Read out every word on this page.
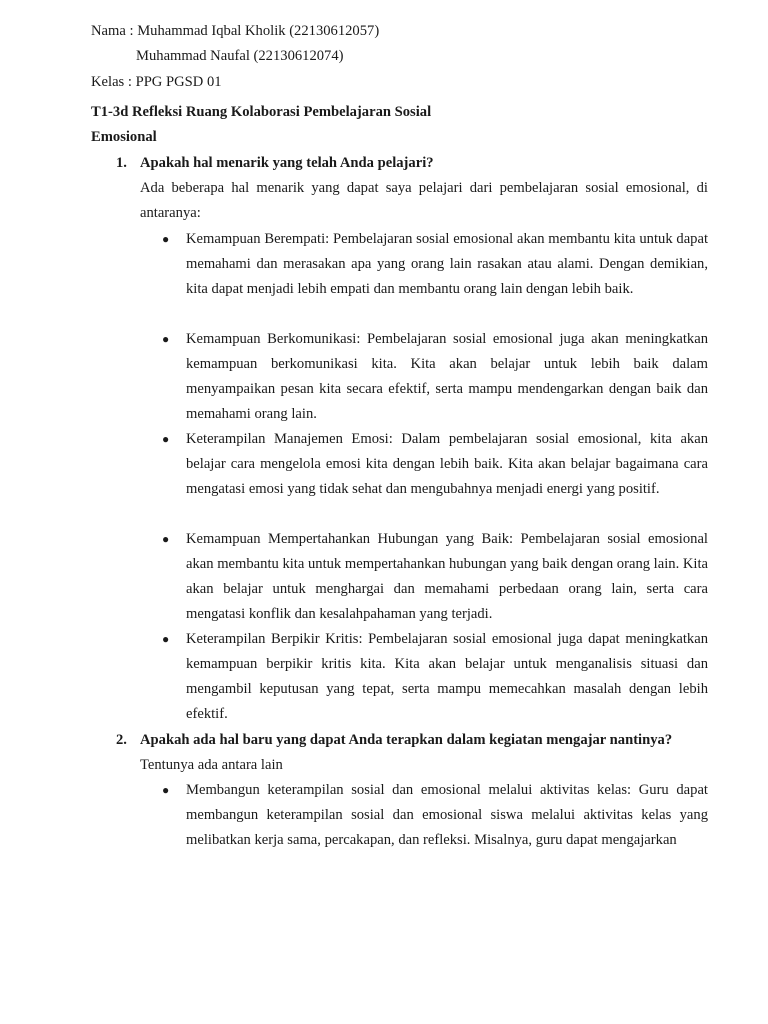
Nama : Muhammad Iqbal Kholik (22130612057)
Muhammad Naufal (22130612074)
Kelas : PPG PGSD 01
T1-3d Refleksi Ruang Kolaborasi Pembelajaran Sosial
Emosional
1. Apakah hal menarik yang telah Anda pelajari?
Ada beberapa hal menarik yang dapat saya pelajari dari pembelajaran sosial emosional, di antaranya:
● Kemampuan Berempati: Pembelajaran sosial emosional akan membantu kita untuk dapat memahami dan merasakan apa yang orang lain rasakan atau alami. Dengan demikian, kita dapat menjadi lebih empati dan membantu orang lain dengan lebih baik.
● Kemampuan Berkomunikasi: Pembelajaran sosial emosional juga akan meningkatkan kemampuan berkomunikasi kita. Kita akan belajar untuk lebih baik dalam menyampaikan pesan kita secara efektif, serta mampu mendengarkan dengan baik dan memahami orang lain.
● Keterampilan Manajemen Emosi: Dalam pembelajaran sosial emosional, kita akan belajar cara mengelola emosi kita dengan lebih baik. Kita akan belajar bagaimana cara mengatasi emosi yang tidak sehat dan mengubahnya menjadi energi yang positif.
● Kemampuan Mempertahankan Hubungan yang Baik: Pembelajaran sosial emosional akan membantu kita untuk mempertahankan hubungan yang baik dengan orang lain. Kita akan belajar untuk menghargai dan memahami perbedaan orang lain, serta cara mengatasi konflik dan kesalahpahaman yang terjadi.
● Keterampilan Berpikir Kritis: Pembelajaran sosial emosional juga dapat meningkatkan kemampuan berpikir kritis kita. Kita akan belajar untuk menganalisis situasi dan mengambil keputusan yang tepat, serta mampu memecahkan masalah dengan lebih efektif.
2. Apakah ada hal baru yang dapat Anda terapkan dalam kegiatan mengajar nantinya?
Tentunya ada antara lain
● Membangun keterampilan sosial dan emosional melalui aktivitas kelas: Guru dapat membangun keterampilan sosial dan emosional siswa melalui aktivitas kelas yang melibatkan kerja sama, percakapan, dan refleksi. Misalnya, guru dapat mengajarkan
